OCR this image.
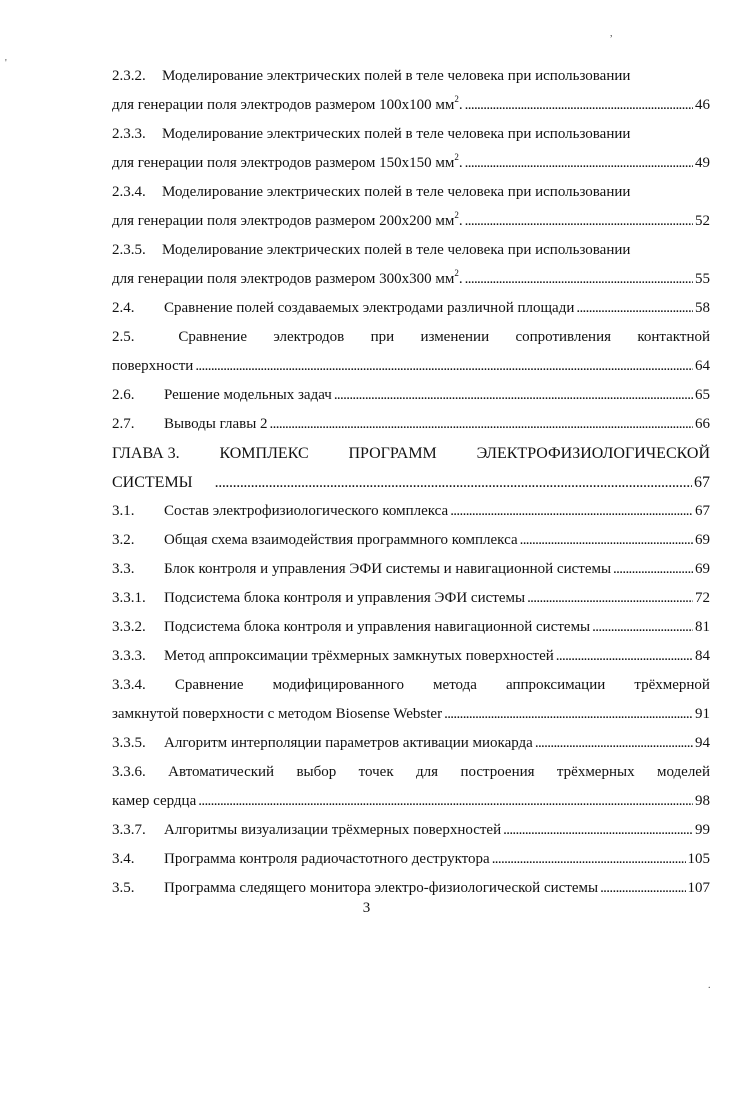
2.3.2.	Моделирование электрических полей в теле человека при использовании
для генерации поля электродов размером 100x100 $мм^2$. . . .	46
2.3.3.	Моделирование электрических полей в теле человека при использовании
для генерации поля электродов размером 150x150 $мм^2$. . . .	49
2.3.4.	Моделирование электрических полей в теле человека при использовании
для генерации поля электродов размером 200x200 $мм^2$. . . .	52
2.3.5.	Моделирование электрических полей в теле человека при использовании
для генерации поля электродов размером 300x300 $мм^2$. . . .	55
2.4.	Сравнение полей создаваемых электродами различной площади . . .	58
2.5.	Сравнение электродов при изменении сопротивления контактной
поверхности . . .	64
2.6.	Решение модельных задач . . .	65
2.7.	Выводы главы 2 . . .	66
ГЛАВА 3. КОМПЛЕКС ПРОГРАММ ЭЛЕКТРОФИЗИОЛОГИЧЕСКОЙ
СИСТЕМЫ . . .	67
3.1.	Состав электрофизиологического комплекса . . .	67
3.2.	Общая схема взаимодействия программного комплекса . . .	69
3.3.	Блок контроля и управления ЭФИ системы и навигационной системы . . .	69
3.3.1.	Подсистема блока контроля и управления ЭФИ системы . . .	72
3.3.2.	Подсистема блока контроля и управления навигационной системы . . .	81
3.3.3.	Метод аппроксимации трёхмерных замкнутых поверхностей . . .	84
3.3.4. Сравнение модифицированного метода аппроксимации трёхмерной
замкнутой поверхности с методом Biosense Webster . . .	91
3.3.5.	Алгоритм интерполяции параметров активации миокарда . . .	94
3.3.6. Автоматический выбор точек для построения трёхмерных моделей
камер сердца . . .	98
3.3.7.	Алгоритмы визуализации трёхмерных поверхностей . . .	99
3.4.	Программа контроля радиочастотного деструктора . . .	105
3.5.	Программа следящего монитора электро-физиологической системы . . .	107
3
,
'
.
